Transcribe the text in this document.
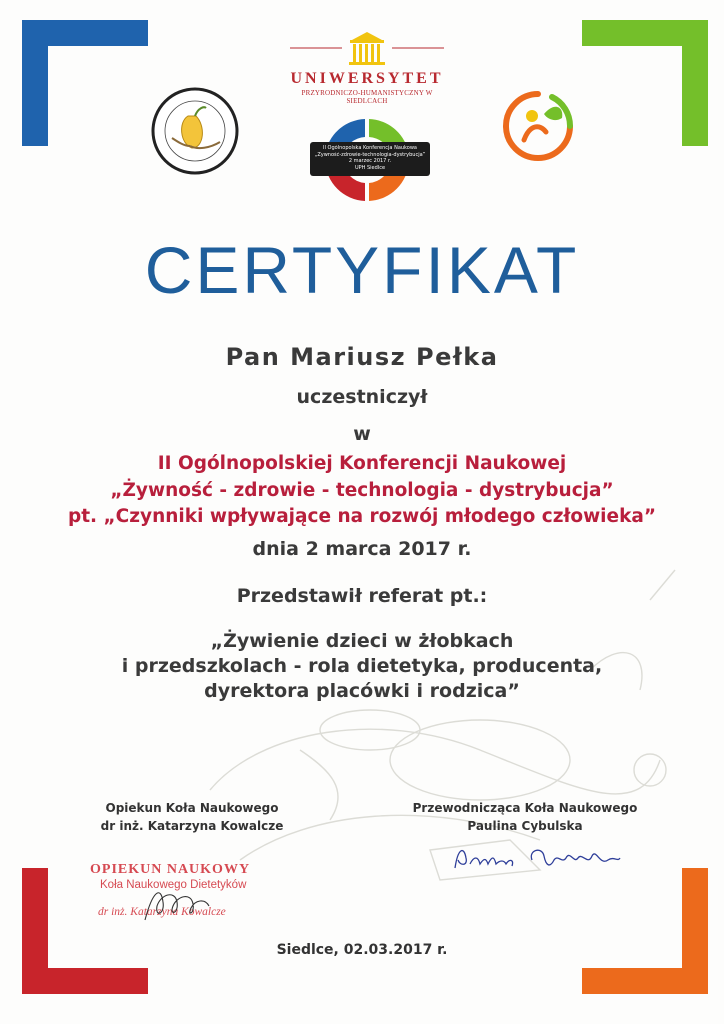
UNIWERSYTET
PRZYRODNICZO-HUMANISTYCZNY W SIEDLCACH
II Ogólnopolska Konferencja Naukowa
„Żywność-zdrowie-technologia-dystrybucja”
2 marzec 2017 r.
UPH Siedlce
CERTYFIKAT
Pan Mariusz Pełka
uczestniczył
w
II Ogólnopolskiej Konferencji Naukowej
„Żywność - zdrowie - technologia - dystrybucja”
pt. „Czynniki wpływające na rozwój młodego człowieka”
dnia 2 marca 2017 r.
Przedstawił referat pt.:
„Żywienie dzieci w żłobkach
i przedszkolach - rola dietetyka, producenta,
dyrektora placówki i rodzica”
Opiekun Koła Naukowego
dr inż. Katarzyna Kowalcze
Przewodnicząca Koła Naukowego
Paulina Cybulska
OPIEKUN NAUKOWY
Koła Naukowego Dietetyków
dr inż. Katarzyna Kowalcze
Siedlce, 02.03.2017 r.
